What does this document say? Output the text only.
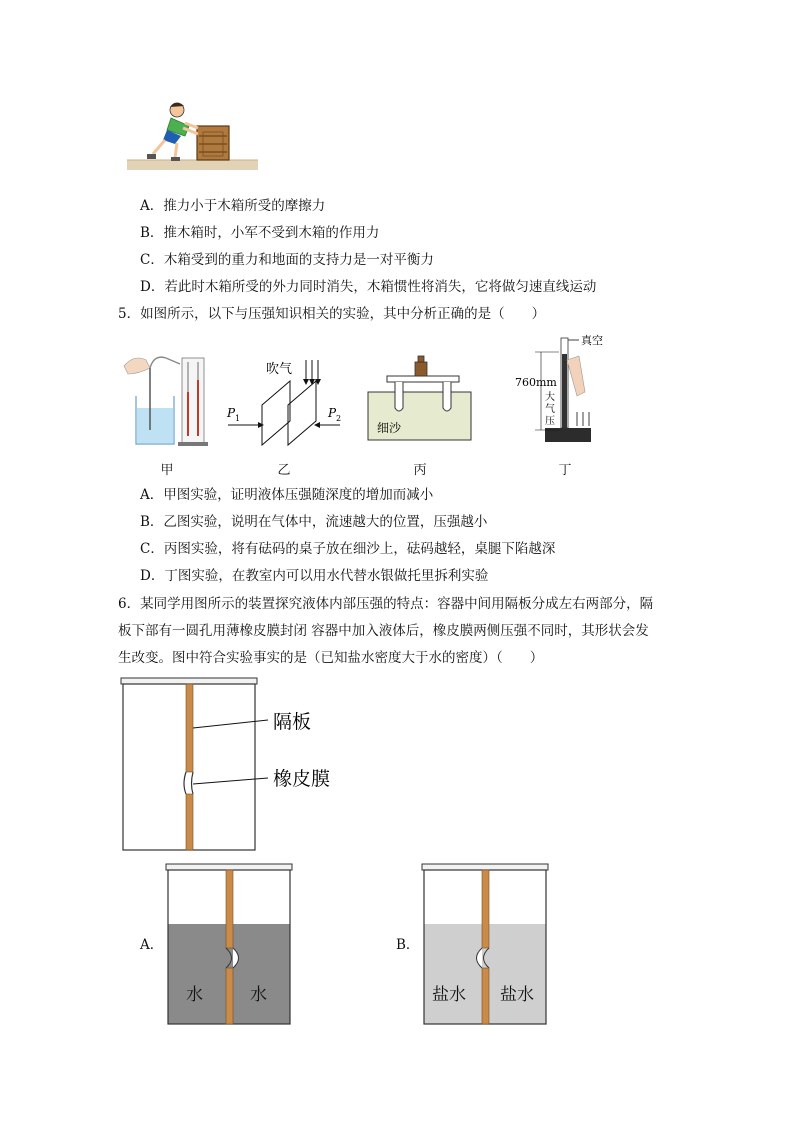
A．推力小于木箱所受的摩擦力
B．推木箱时，小军不受到木箱的作用力
C．木箱受到的重力和地面的支持力是一对平衡力
D．若此时木箱所受的外力同时消失，木箱惯性将消失，它将做匀速直线运动
5．如图所示，以下与压强知识相关的实验，其中分析正确的是（　　）
甲
吹气
P 1	P 2
乙
细沙
丙
真空
760mm
大
气
压
丁
A．甲图实验，证明液体压强随深度的增加而减小
B．乙图实验，说明在气体中，流速越大的位置，压强越小
C．丙图实验，将有砝码的桌子放在细沙上，砝码越轻，桌腿下陷越深
D．丁图实验，在教室内可以用水代替水银做托里拆利实验
6．某同学用图所示的装置探究液体内部压强的特点：容器中间用隔板分成左右两部分，隔
板下部有一圆孔用薄橡皮膜封闭 容器中加入液体后，橡皮膜两侧压强不同时，其形状会发
生改变。图中符合实验事实的是（已知盐水密度大于水的密度）（　　）
隔板
橡皮膜
A．
水	水
B．
盐水 盐水
